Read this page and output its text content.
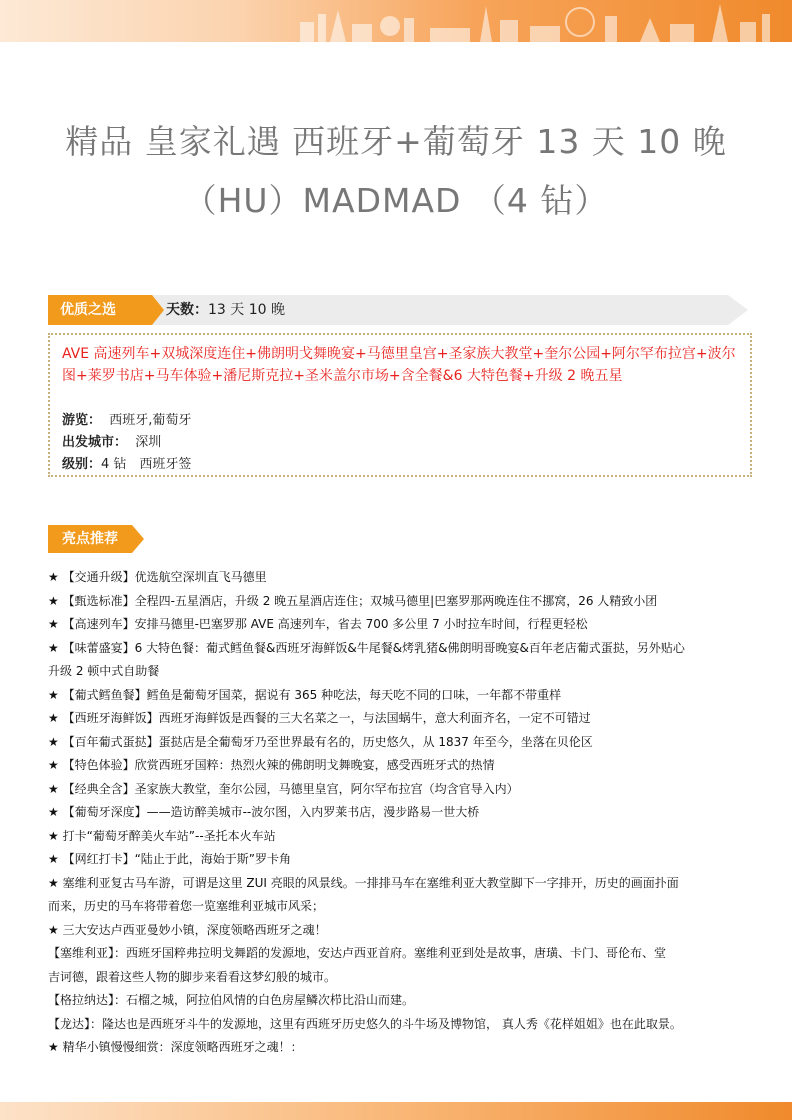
精品 皇家礼遇 西班牙+葡萄牙 13 天 10 晚
（HU）MADMAD （4 钻）
优质之选	天数：13 天 10 晚
AVE 高速列车+双城深度连住+佛朗明戈舞晚宴+马德里皇宫+圣家族大教堂+奎尔公园+阿尔罕布拉宫+波尔图+莱罗书店+马车体验+潘尼斯克拉+圣米盖尔市场+含全餐&6 大特色餐+升级 2 晚五星
游览： 西班牙,葡萄牙
出发城市： 深圳
级别：4 钻　西班牙签
亮点推荐
★ 【交通升级】优选航空深圳直飞马德里
★ 【甄选标准】全程四-五星酒店，升级 2 晚五星酒店连住；双城马德里|巴塞罗那两晚连住不挪窝，26 人精致小团
★ 【高速列车】安排马德里-巴塞罗那 AVE 高速列车，省去 700 多公里 7 小时拉车时间，行程更轻松
★ 【味蕾盛宴】6 大特色餐：葡式鳕鱼餐&西班牙海鲜饭&牛尾餐&烤乳猪&佛朗明哥晚宴&百年老店葡式蛋挞，另外贴心
升级 2 顿中式自助餐
★ 【葡式鳕鱼餐】鳕鱼是葡萄牙国菜，据说有 365 种吃法，每天吃不同的口味，一年都不带重样
★ 【西班牙海鲜饭】西班牙海鲜饭是西餐的三大名菜之一，与法国蜗牛，意大利面齐名，一定不可错过
★ 【百年葡式蛋挞】蛋挞店是全葡萄牙乃至世界最有名的，历史悠久，从 1837 年至今，坐落在贝伦区
★ 【特色体验】欣赏西班牙国粹：热烈火辣的佛朗明戈舞晚宴，感受西班牙式的热情
★ 【经典全含】圣家族大教堂，奎尔公园，马德里皇宫，阿尔罕布拉宫（均含官导入内）
★ 【葡萄牙深度】——造访醉美城市--波尔图，入内罗莱书店，漫步路易一世大桥
★ 打卡“葡萄牙醉美火车站”--圣托本火车站
★ 【网红打卡】“陆止于此，海始于斯”罗卡角
★ 塞维利亚复古马车游，可谓是这里 ZUI 亮眼的风景线。一排排马车在塞维利亚大教堂脚下一字排开，历史的画面扑面
而来，历史的马车将带着您一览塞维利亚城市风采；
★ 三大安达卢西亚曼妙小镇，深度领略西班牙之魂！
【塞维利亚】：西班牙国粹弗拉明戈舞蹈的发源地，安达卢西亚首府。塞维利亚到处是故事，唐璜、卡门、哥伦布、堂
吉诃德，跟着这些人物的脚步来看看这梦幻般的城市。
【格拉纳达】：石榴之城，阿拉伯风情的白色房屋鳞次栉比沿山而建。
【龙达】：隆达也是西班牙斗牛的发源地，这里有西班牙历史悠久的斗牛场及博物馆， 真人秀《花样姐姐》也在此取景。
★ 精华小镇慢慢细赏：深度领略西班牙之魂！：
